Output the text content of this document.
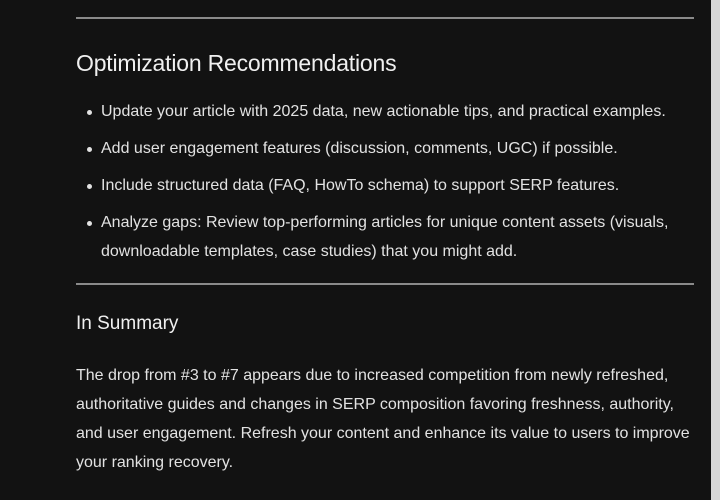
Optimization Recommendations
Update your article with 2025 data, new actionable tips, and practical examples.
Add user engagement features (discussion, comments, UGC) if possible.
Include structured data (FAQ, HowTo schema) to support SERP features.
Analyze gaps: Review top-performing articles for unique content assets (visuals, downloadable templates, case studies) that you might add.
In Summary

The drop from #3 to #7 appears due to increased competition from newly refreshed, authoritative guides and changes in SERP composition favoring freshness, authority, and user engagement. Refresh your content and enhance its value to users to improve your ranking recovery.
